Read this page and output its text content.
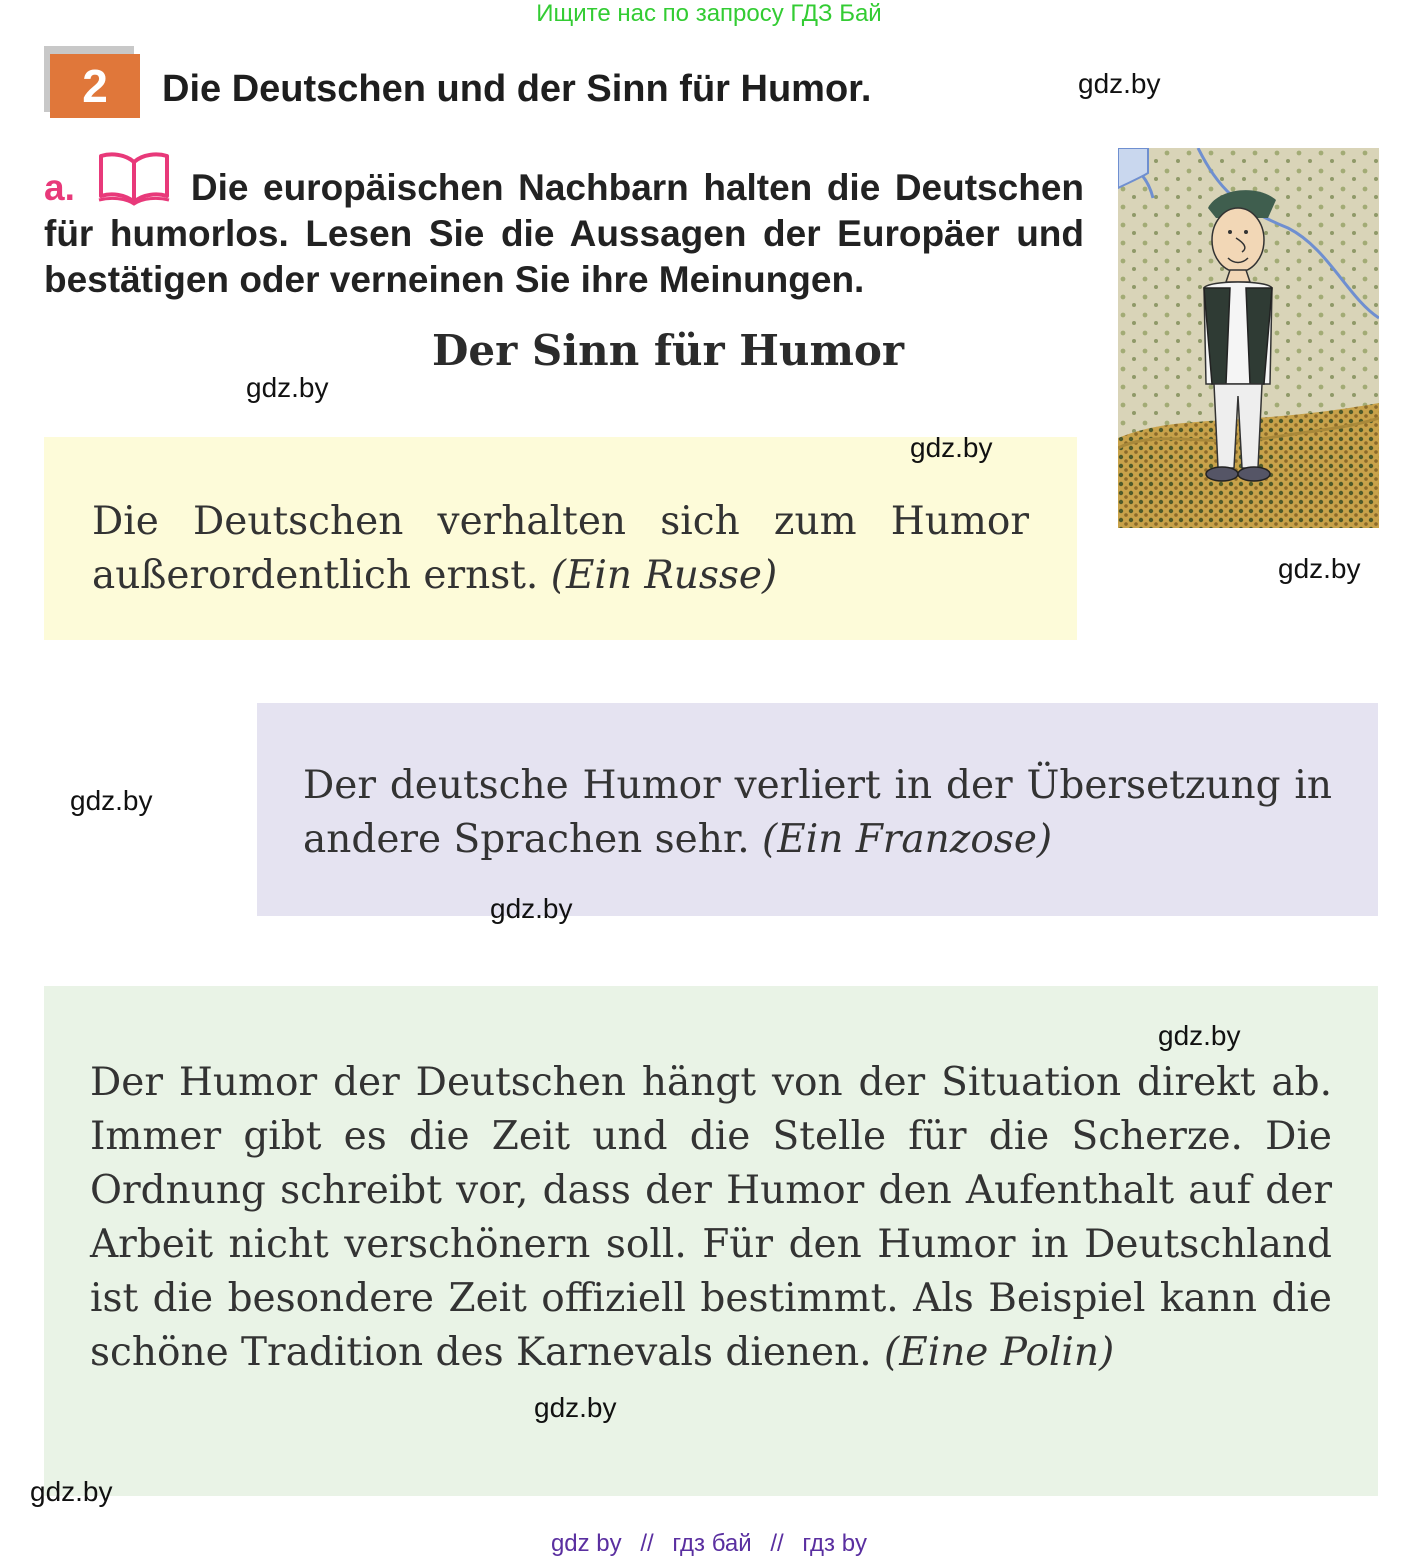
Ищите нас по запросу ГДЗ Бай
2	Die Deutschen und der Sinn für Humor.	gdz.by
a.	Die europäischen Nachbarn halten die Deutschen für humorlos. Lesen Sie die Aussagen der Europäer und bestätigen oder verneinen Sie ihre Meinungen.
Der Sinn für Humor
gdz.by

Die Deutschen verhalten sich zum Humor außerordentlich ernst. (Ein Russe)

gdz.by
gdz.by
gdz.by	Der deutsche Humor verliert in der Übersetzung in andere Sprachen sehr. (Ein Franzose)

gdz.by

Der Humor der Deutschen hängt von der Situation direkt ab. Immer gibt es die Zeit und die Stelle für die Scherze. Die Ordnung schreibt vor, dass der Humor den Aufenthalt auf der Arbeit nicht verschönern soll. Für den Humor in Deutschland ist die besondere Zeit offiziell bestimmt. Als Beispiel kann die schöne Tradition des Karnevals dienen. (Eine Polin)

gdz.by
gdz.by
gdz.by
gdz by // гдз бай // гдз by
